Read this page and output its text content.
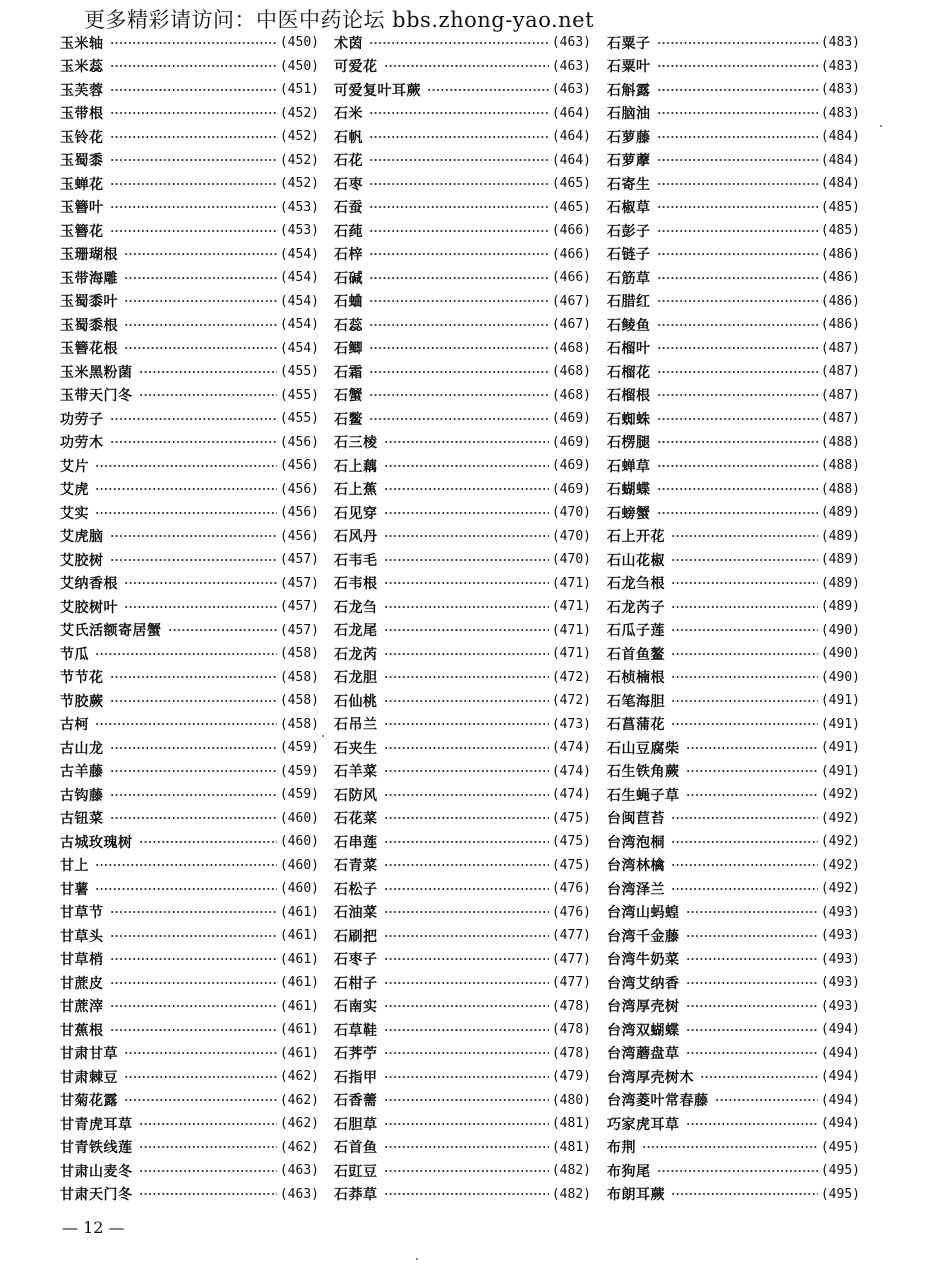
更多精彩请访问：中医中药论坛 bbs.zhong-yao.net
玉米轴	(450)
玉米蕊	(450)
玉芙蓉	(451)
玉带根	(452)
玉铃花	(452)
玉蜀黍	(452)
玉蝉花	(452)
玉簪叶	(453)
玉簪花	(453)
玉珊瑚根	(454)
玉带海雕	(454)
玉蜀黍叶	(454)
玉蜀黍根	(454)
玉簪花根	(454)
玉米黑粉菌	(455)
玉带天门冬	(455)
功劳子	(455)
功劳木	(456)
艾片	(456)
艾虎	(456)
艾实	(456)
艾虎脑	(456)
艾胶树	(457)
艾纳香根	(457)
艾胶树叶	(457)
艾氏活额寄居蟹	(457)
节瓜	(458)
节节花	(458)
节胶蕨	(458)
古柯	(458)
古山龙	(459)
古羊藤	(459)
古钩藤	(459)
古钮菜	(460)
古城玫瑰树	(460)
甘上	(460)
甘薯	(460)
甘草节	(461)
甘草头	(461)
甘草梢	(461)
甘蔗皮	(461)
甘蔗滓	(461)
甘蕉根	(461)
甘肃甘草	(461)
甘肃棘豆	(462)
甘菊花露	(462)
甘青虎耳草	(462)
甘青铁线莲	(462)
甘肃山麦冬	(463)
甘肃天门冬	(463)
术茵	(463)
可爱花	(463)
可爱复叶耳蕨	(463)
石米	(464)
石帆	(464)
石花	(464)
石枣	(465)
石蚕	(465)
石莼	(466)
石梓	(466)
石碱	(466)
石蛐	(467)
石蕊	(467)
石鲫	(468)
石霜	(468)
石蟹	(468)
石鳖	(469)
石三棱	(469)
石上藕	(469)
石上蕉	(469)
石见穿	(470)
石风丹	(470)
石韦毛	(470)
石韦根	(471)
石龙刍	(471)
石龙尾	(471)
石龙芮	(471)
石龙胆	(472)
石仙桃	(472)
石吊兰	(473)
石夹生	(474)
石羊菜	(474)
石防风	(474)
石花菜	(475)
石串莲	(475)
石青菜	(475)
石松子	(476)
石油菜	(476)
石刷把	(477)
石枣子	(477)
石柑子	(477)
石南实	(478)
石草鞋	(478)
石荠苧	(478)
石指甲	(479)
石香薷	(480)
石胆草	(481)
石首鱼	(481)
石豇豆	(482)
石莽草	(482)
石粟子	(483)
石粟叶	(483)
石斛露	(483)
石脑油	(483)
石萝藤	(484)
石萝藦	(484)
石寄生	(484)
石椒草	(485)
石彭子	(485)
石链子	(486)
石筋草	(486)
石腊红	(486)
石鲮鱼	(486)
石榴叶	(487)
石榴花	(487)
石榴根	(487)
石蜘蛛	(487)
石楞腿	(488)
石蝉草	(488)
石蝴蝶	(488)
石螃蟹	(489)
石上开花	(489)
石山花椒	(489)
石龙刍根	(489)
石龙芮子	(489)
石瓜子莲	(490)
石首鱼鳌	(490)
石桢楠根	(490)
石笔海胆	(491)
石菖蒲花	(491)
石山豆腐柴	(491)
石生铁角蕨	(491)
石生蝇子草	(492)
台闽苣苔	(492)
台湾泡桐	(492)
台湾林檎	(492)
台湾泽兰	(492)
台湾山蚂蝗	(493)
台湾千金藤	(493)
台湾牛奶菜	(493)
台湾艾纳香	(493)
台湾厚壳树	(493)
台湾双蝴蝶	(494)
台湾蘑盘草	(494)
台湾厚壳树木	(494)
台湾菱叶常春藤	(494)
巧家虎耳草	(494)
布荆	(495)
布狗尾	(495)
布朗耳蕨	(495)
— 12 —
